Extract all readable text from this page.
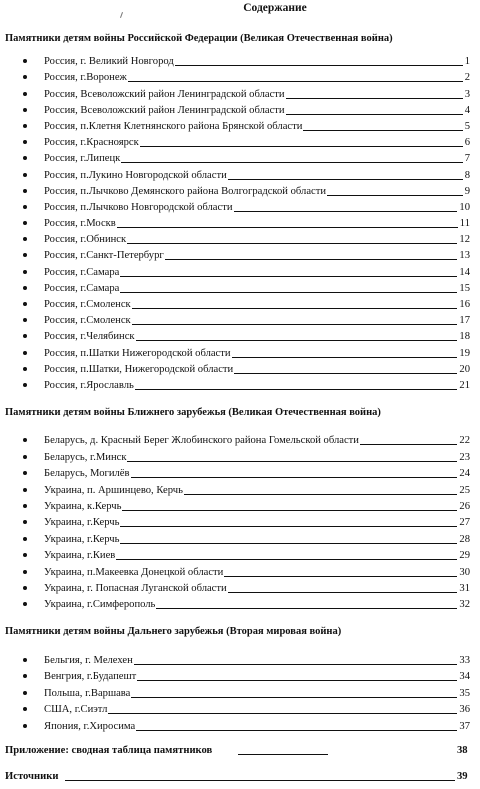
Содержание
Памятники детям войны Российской Федерации (Великая Отечественная война)
Россия, г. Великий Новгород	1
Россия, г.Воронеж	2
Россия, Всеволожский район Ленинградской области	3
Россия, Всеволожский район Ленинградской области	4
Россия, п.Клетня Клетнянского района Брянской области	5
Россия, г.Красноярск	6
Россия, г.Липецк	7
Россия, п.Лукино Новгородской области	8
Россия, п.Лычково Демянского района Волгоградской области	9
Россия, п.Лычково Новгородской области	10
Россия, г.Москв	11
Россия, г.Обнинск	12
Россия, г.Санкт-Петербург	13
Россия, г.Самара	14
Россия, г.Самара	15
Россия, г.Смоленск	16
Россия, г.Смоленск	17
Россия, г.Челябинск	18
Россия, п.Шатки Нижегородской области	19
Россия, п.Шатки, Нижегородской области	20
Россия, г.Ярославль	21
Памятники детям войны Ближнего зарубежья (Великая Отечественная война)
Беларусь, д. Красный Берег Жлобинского района Гомельской области	22
Беларусь, г.Минск	23
Беларусь, Могилёв	24
Украина, п. Аршинцево, Керчь	25
Украина, к.Керчь	26
Украина, г.Керчь	27
Украина, г.Керчь	28
Украина, г.Киев	29
Украина, п.Макеевка Донецкой области	30
Украина, г. Попасная Луганской области	31
Украина, г.Симферополь	32
Памятники детям войны Дальнего зарубежья (Вторая мировая война)
Бельгия, г. Мелехен	33
Венгрия, г.Будапешт	34
Польша, г.Варшава	35
США, г.Сиэтл	36
Япония, г.Хиросима	37
Приложение: сводная таблица памятников	38
Источники	39
